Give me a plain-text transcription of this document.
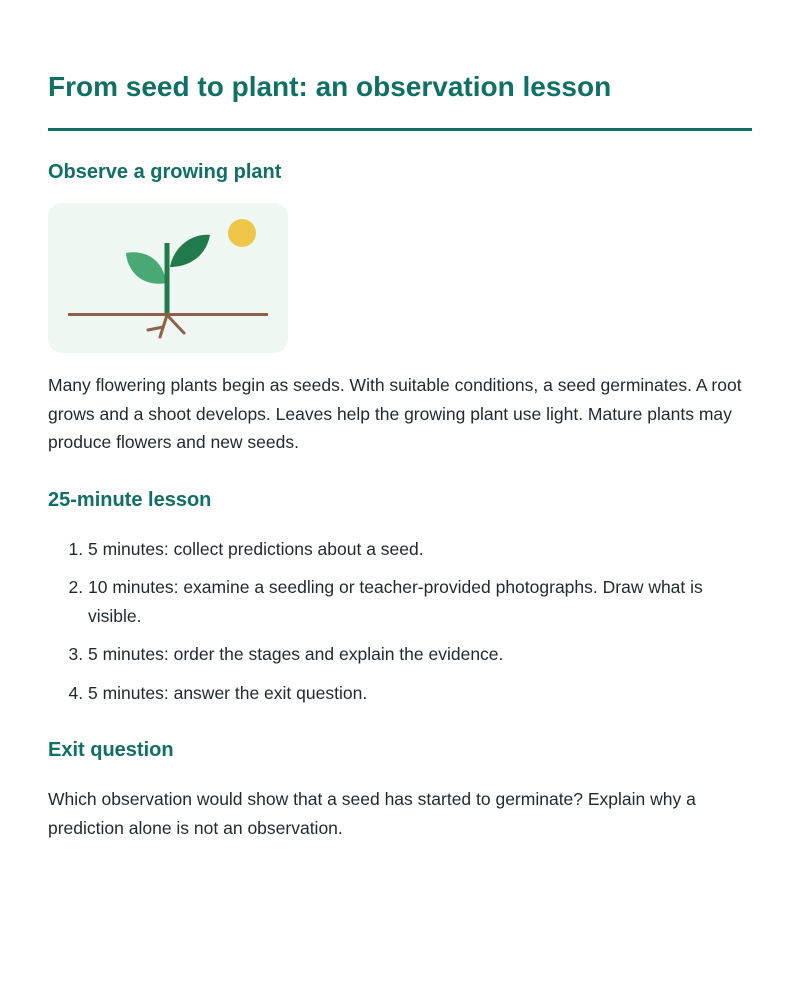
From seed to plant: an observation lesson
Observe a growing plant

Many flowering plants begin as seeds. With suitable conditions, a seed germinates. A root grows and a shoot develops. Leaves help the growing plant use light. Mature plants may produce flowers and new seeds.

25-minute lesson
1. 5 minutes: collect predictions about a seed.
2. 10 minutes: examine a seedling or teacher-provided photographs. Draw what is visible.
3. 5 minutes: order the stages and explain the evidence.
4. 5 minutes: answer the exit question.
Exit question

Which observation would show that a seed has started to germinate? Explain why a prediction alone is not an observation.
